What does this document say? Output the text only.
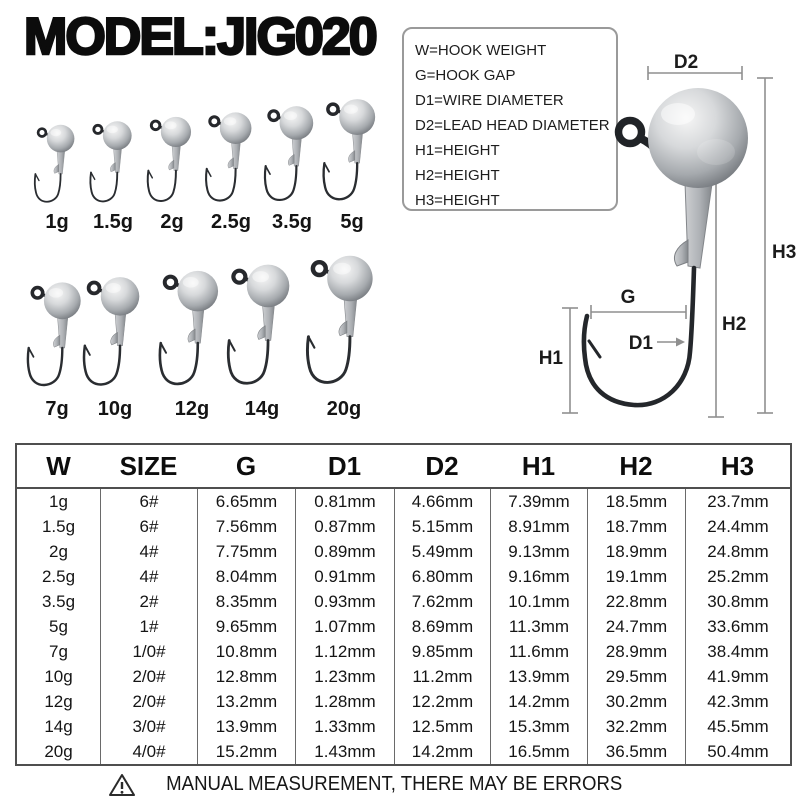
MODEL:JIG020	W=HOOK WEIGHT
G=HOOK GAP
D1=WIRE DIAMETER
D2=LEAD HEAD DIAMETER
H1=HEIGHT
H2=HEIGHT
H3=HEIGHT
1g	1.5g	2g	2.5g	3.5g	5g
7g	10g	12g	14g	20g
D2
H3
H2
H1
G
D1
W	SIZE	G	D1	D2	H1	H2	H3
1g	6#	6.65mm	0.81mm	4.66mm	7.39mm	18.5mm	23.7mm
1.5g	6#	7.56mm	0.87mm	5.15mm	8.91mm	18.7mm	24.4mm
2g	4#	7.75mm	0.89mm	5.49mm	9.13mm	18.9mm	24.8mm
2.5g	4#	8.04mm	0.91mm	6.80mm	9.16mm	19.1mm	25.2mm
3.5g	2#	8.35mm	0.93mm	7.62mm	10.1mm	22.8mm	30.8mm
5g	1#	9.65mm	1.07mm	8.69mm	11.3mm	24.7mm	33.6mm
7g	1/0#	10.8mm	1.12mm	9.85mm	11.6mm	28.9mm	38.4mm
10g	2/0#	12.8mm	1.23mm	11.2mm	13.9mm	29.5mm	41.9mm
12g	2/0#	13.2mm	1.28mm	12.2mm	14.2mm	30.2mm	42.3mm
14g	3/0#	13.9mm	1.33mm	12.5mm	15.3mm	32.2mm	45.5mm
20g	4/0#	15.2mm	1.43mm	14.2mm	16.5mm	36.5mm	50.4mm
MANUAL MEASUREMENT, THERE MAY BE ERRORS
